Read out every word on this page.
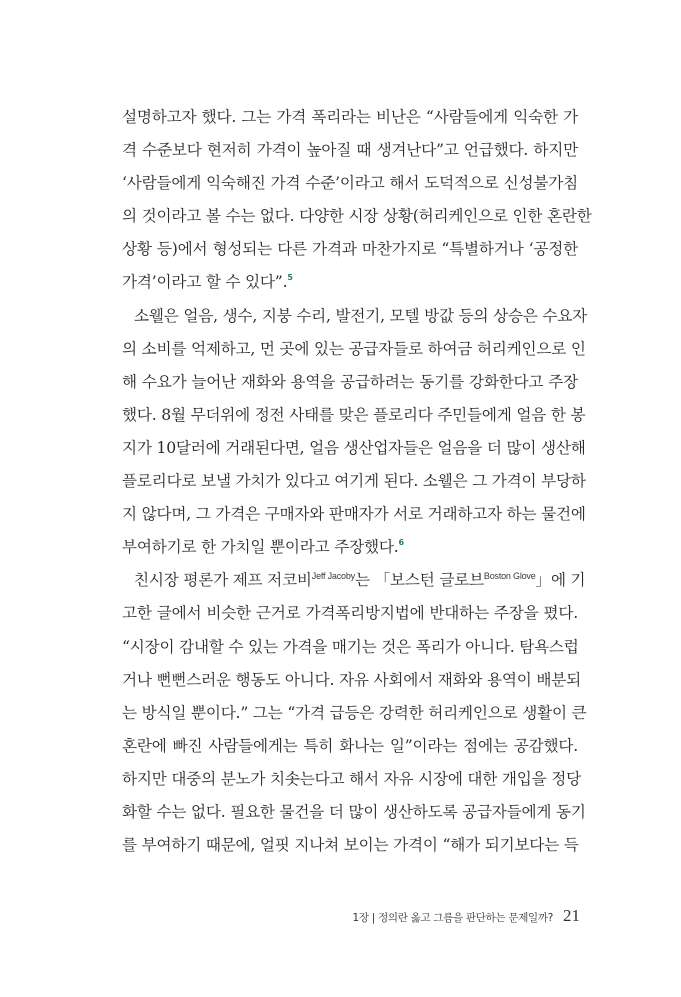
설명하고자 했다. 그는 가격 폭리라는 비난은 “사람들에게 익숙한 가
격 수준보다 현저히 가격이 높아질 때 생겨난다”고 언급했다. 하지만
‘사람들에게 익숙해진 가격 수준’이라고 해서 도덕적으로 신성불가침
의 것이라고 볼 수는 없다. 다양한 시장 상황(허리케인으로 인한 혼란한
상황 등)에서 형성되는 다른 가격과 마찬가지로 “특별하거나 ‘공정한
가격’이라고 할 수 있다”.$^5$
소웰은 얼음, 생수, 지붕 수리, 발전기, 모텔 방값 등의 상승은 수요자
의 소비를 억제하고, 먼 곳에 있는 공급자들로 하여금 허리케인으로 인
해 수요가 늘어난 재화와 용역을 공급하려는 동기를 강화한다고 주장
했다. 8월 무더위에 정전 사태를 맞은 플로리다 주민들에게 얼음 한 봉
지가 10달러에 거래된다면, 얼음 생산업자들은 얼음을 더 많이 생산해
플로리다로 보낼 가치가 있다고 여기게 된다. 소웰은 그 가격이 부당하
지 않다며, 그 가격은 구매자와 판매자가 서로 거래하고자 하는 물건에
부여하기로 한 가치일 뿐이라고 주장했다.$^6$
친시장 평론가 제프 저코비$^{Jeff Jacoby}$는 「보스턴 글로브$^{Boston Glove}$」에 기
고한 글에서 비슷한 근거로 가격폭리방지법에 반대하는 주장을 폈다.
“시장이 감내할 수 있는 가격을 매기는 것은 폭리가 아니다. 탐욕스럽
거나 뻔뻔스러운 행동도 아니다. 자유 사회에서 재화와 용역이 배분되
는 방식일 뿐이다.” 그는 “가격 급등은 강력한 허리케인으로 생활이 큰
혼란에 빠진 사람들에게는 특히 화나는 일”이라는 점에는 공감했다.
하지만 대중의 분노가 치솟는다고 해서 자유 시장에 대한 개입을 정당
화할 수는 없다. 필요한 물건을 더 많이 생산하도록 공급자들에게 동기
를 부여하기 때문에, 얼핏 지나쳐 보이는 가격이 “해가 되기보다는 득
1장 | 정의란 옳고 그름을 판단하는 문제일까? 21
